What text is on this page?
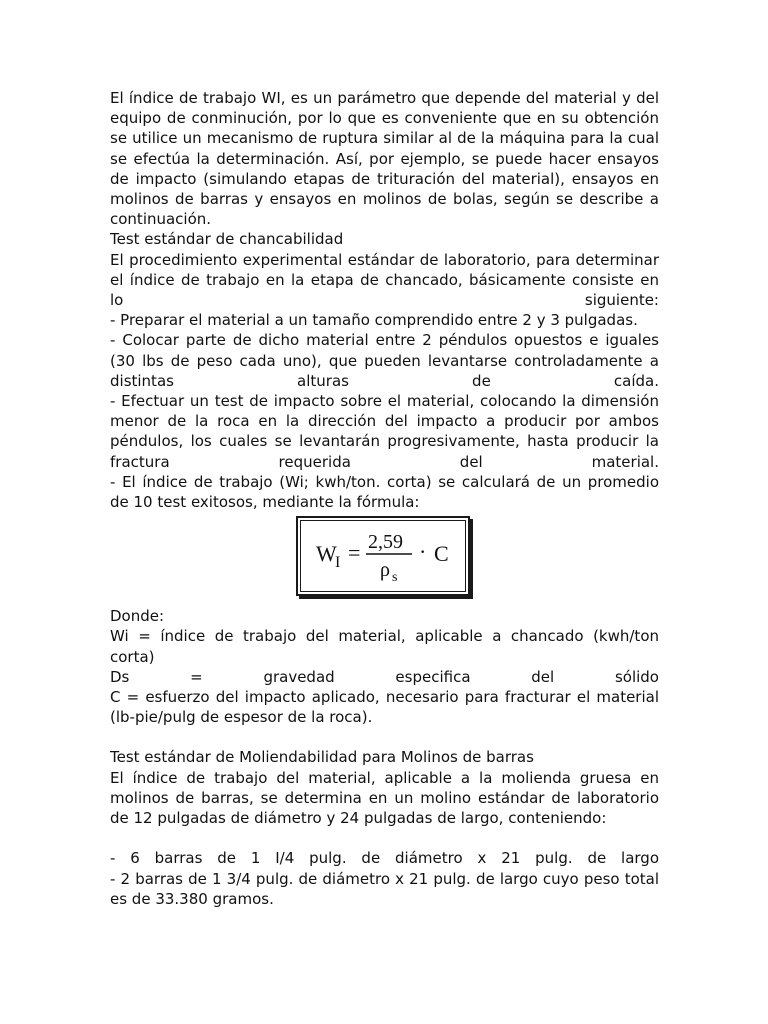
El índice de trabajo WI, es un parámetro que depende del material y del equipo de conminución, por lo que es conveniente que en su obtención se utilice un mecanismo de ruptura similar al de la máquina para la cual se efectúa la determinación. Así, por ejemplo, se puede hacer ensayos de impacto (simulando etapas de trituración del material), ensayos en molinos de barras y ensayos en molinos de bolas, según se describe a continuación.

Test estándar de chancabilidad

El procedimiento experimental estándar de laboratorio, para determinar el índice de trabajo en la etapa de chancado, básicamente consiste en lo siguiente:

- Preparar el material a un tamaño comprendido entre 2 y 3 pulgadas.

- Colocar parte de dicho material entre 2 péndulos opuestos e iguales (30 lbs de peso cada uno), que pueden levantarse controladamente a distintas alturas de caída.

- Efectuar un test de impacto sobre el material, colocando la dimensión menor de la roca en la dirección del impacto a producir por ambos péndulos, los cuales se levantarán progresivamente, hasta producir la fractura requerida del material.

- El índice de trabajo (Wi; kwh/ton. corta) se calculará de un promedio de 10 test exitosos, mediante la fórmula:

W
I = 2,59
ρ s
· C

Donde:

Wi = índice de trabajo del material, aplicable a chancado (kwh/ton corta)

Ds = gravedad especifica del sólido

C = esfuerzo del impacto aplicado, necesario para fracturar el material (lb-pie/pulg de espesor de la roca).

Test estándar de Moliendabilidad para Molinos de barras

El índice de trabajo del material, aplicable a la molienda gruesa en molinos de barras, se determina en un molino estándar de laboratorio de 12 pulgadas de diámetro y 24 pulgadas de largo, conteniendo:

- 6 barras de 1 I/4 pulg. de diámetro x 21 pulg. de largo

- 2 barras de 1 3/4 pulg. de diámetro x 21 pulg. de largo cuyo peso total es de 33.380 gramos.
